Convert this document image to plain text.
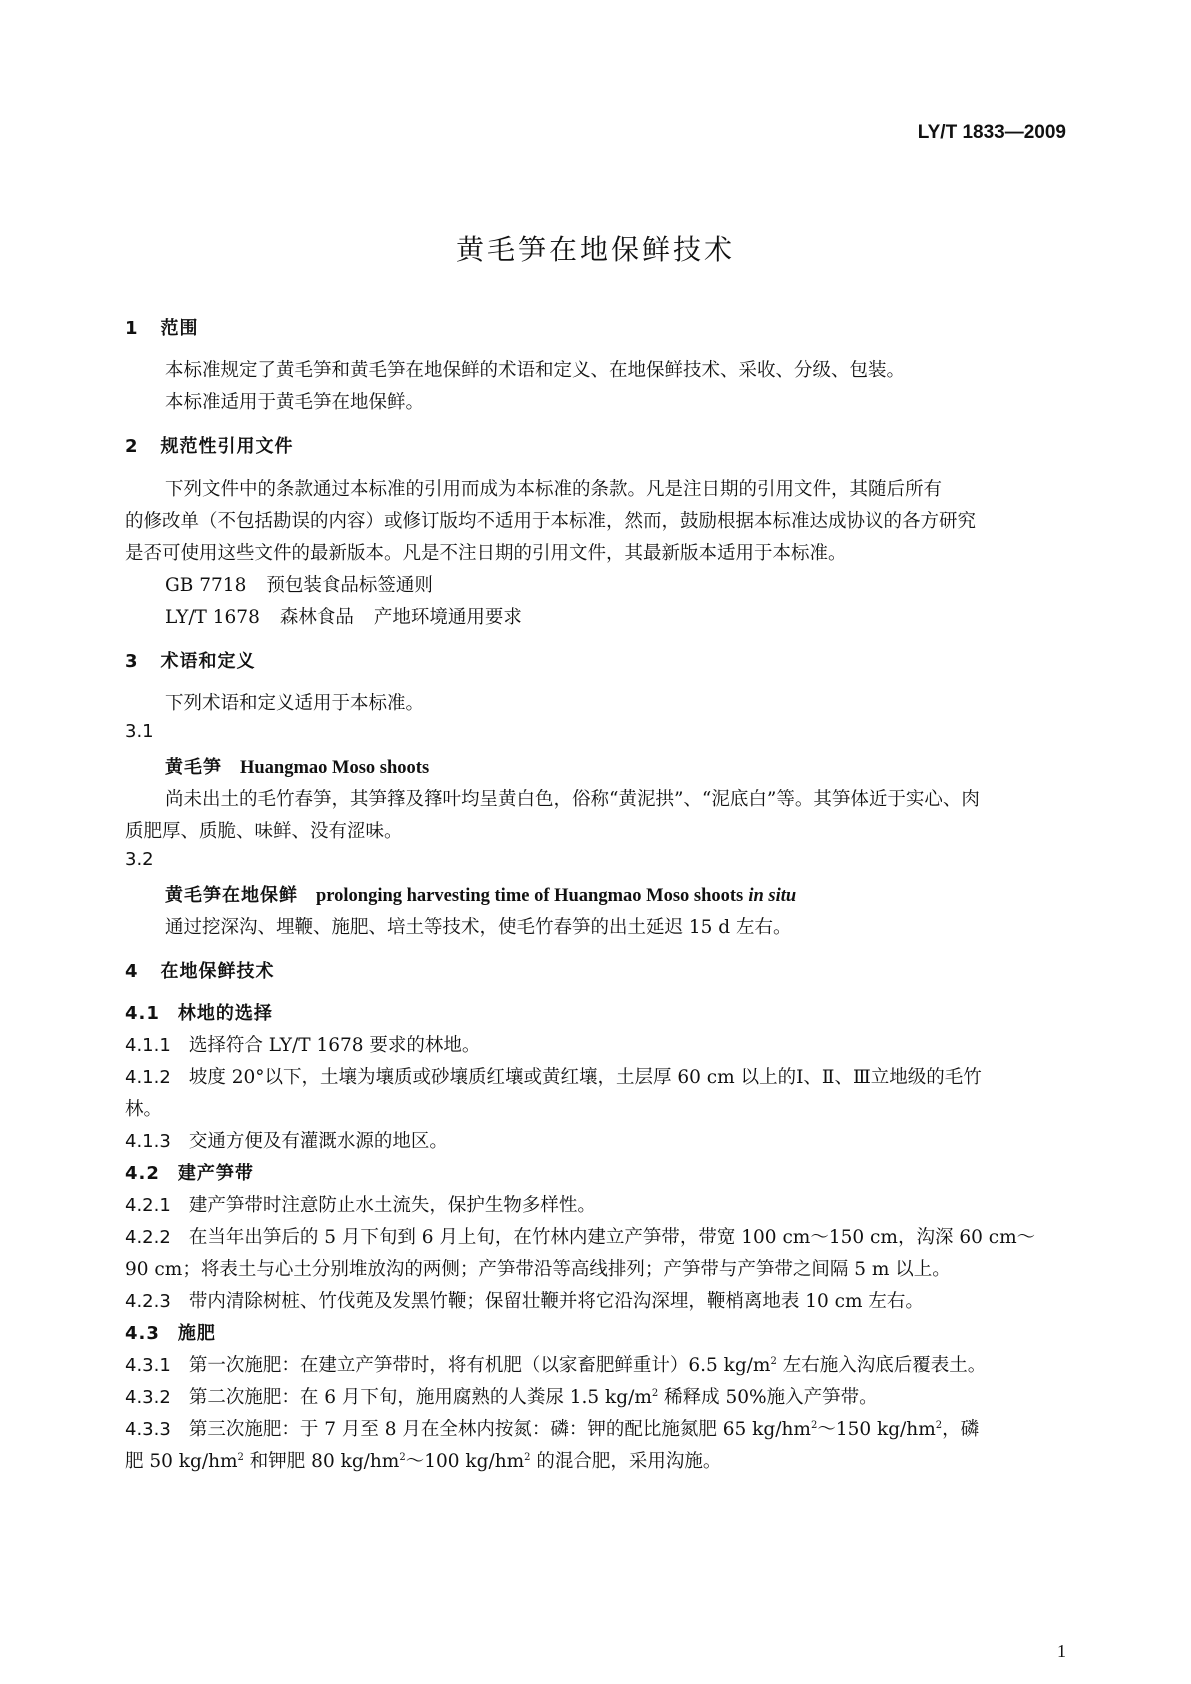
LY/T 1833—2009
黄毛笋在地保鲜技术
1 范围
本标准规定了黄毛笋和黄毛笋在地保鲜的术语和定义、在地保鲜技术、采收、分级、包装。
本标准适用于黄毛笋在地保鲜。
2 规范性引用文件
下列文件中的条款通过本标准的引用而成为本标准的条款。凡是注日期的引用文件，其随后所有
的修改单（不包括勘误的内容）或修订版均不适用于本标准，然而，鼓励根据本标准达成协议的各方研究
是否可使用这些文件的最新版本。凡是不注日期的引用文件，其最新版本适用于本标准。
GB 7718 预包装食品标签通则
LY/T 1678 森林食品 产地环境通用要求
3 术语和定义
下列术语和定义适用于本标准。
3.1
黄毛笋 Huangmao Moso shoots
尚未出土的毛竹春笋，其笋箨及箨叶均呈黄白色，俗称“黄泥拱”、“泥底白”等。其笋体近于实心、肉
质肥厚、质脆、味鲜、没有涩味。
3.2
黄毛笋在地保鲜 prolonging harvesting time of Huangmao Moso shoots in situ
通过挖深沟、埋鞭、施肥、培土等技术，使毛竹春笋的出土延迟 15 d 左右。
4 在地保鲜技术
4.1 林地的选择
4.1.1 选择符合 LY/T 1678 要求的林地。
4.1.2 坡度 20°以下，土壤为壤质或砂壤质红壤或黄红壤，土层厚 60 cm 以上的Ⅰ、Ⅱ、Ⅲ立地级的毛竹
林。
4.1.3 交通方便及有灌溉水源的地区。
4.2 建产笋带
4.2.1 建产笋带时注意防止水土流失，保护生物多样性。
4.2.2 在当年出笋后的 5 月下旬到 6 月上旬，在竹林内建立产笋带，带宽 100 cm～150 cm，沟深 60 cm～
90 cm；将表土与心土分别堆放沟的两侧；产笋带沿等高线排列；产笋带与产笋带之间隔 5 m 以上。
4.2.3 带内清除树桩、竹伐蔸及发黑竹鞭；保留壮鞭并将它沿沟深埋，鞭梢离地表 10 cm 左右。
4.3 施肥
4.3.1 第一次施肥：在建立产笋带时，将有机肥（以家畜肥鲜重计）6.5 $kg/m^2$ 左右施入沟底后覆表土。
4.3.2 第二次施肥：在 6 月下旬，施用腐熟的人粪尿 1.5 $kg/m^2$ 稀释成 50%施入产笋带。
4.3.3 第三次施肥：于 7 月至 8 月在全林内按氮：磷：钾的配比施氮肥 65 $kg/hm^2\sim 150$ $kg/hm^2$，磷
肥 50 $kg/hm^2$ 和钾肥 80 $kg/hm^2\sim 100$ $kg/hm^2$ 的混合肥，采用沟施。
1
